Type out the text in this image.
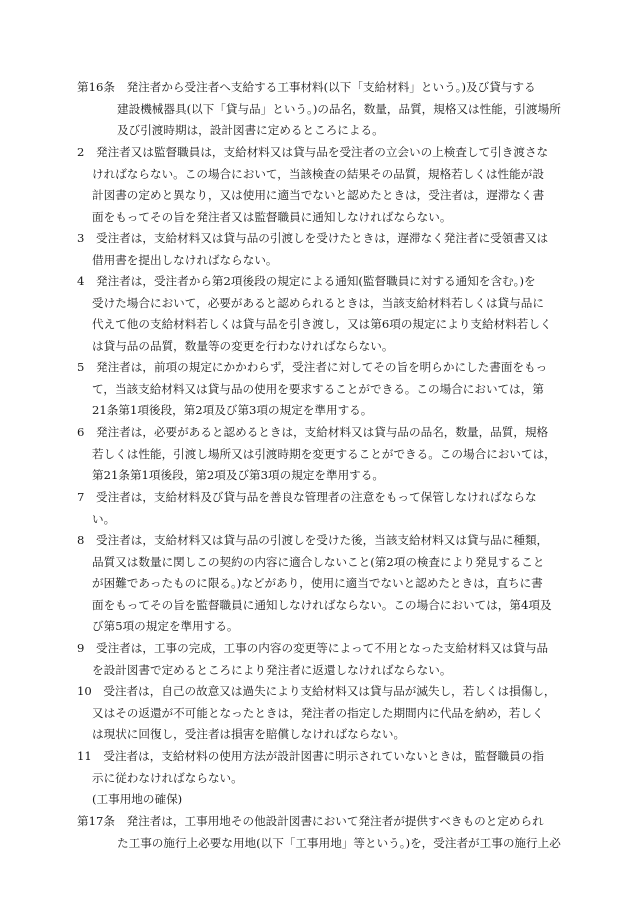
第16条　発注者から受注者へ支給する工事材料(以下「支給材料」という。)及び貸与する
建設機械器具(以下「貸与品」という。)の品名，数量，品質，規格又は性能，引渡場所
及び引渡時期は，設計図書に定めるところによる。
2　発注者又は監督職員は，支給材料又は貸与品を受注者の立会いの上検査して引き渡さな
ければならない。この場合において，当該検査の結果その品質，規格若しくは性能が設
計図書の定めと異なり，又は使用に適当でないと認めたときは，受注者は，遅滞なく書
面をもってその旨を発注者又は監督職員に通知しなければならない。
3　受注者は，支給材料又は貸与品の引渡しを受けたときは，遅滞なく発注者に受領書又は
借用書を提出しなければならない。
4　発注者は，受注者から第2項後段の規定による通知(監督職員に対する通知を含む。)を
受けた場合において，必要があると認められるときは，当該支給材料若しくは貸与品に
代えて他の支給材料若しくは貸与品を引き渡し，又は第6項の規定により支給材料若しく
は貸与品の品質，数量等の変更を行わなければならない。
5　発注者は，前項の規定にかかわらず，受注者に対してその旨を明らかにした書面をもっ
て，当該支給材料又は貸与品の使用を要求することができる。この場合においては，第
21条第1項後段，第2項及び第3項の規定を準用する。
6　発注者は，必要があると認めるときは，支給材料又は貸与品の品名，数量，品質，規格
若しくは性能，引渡し場所又は引渡時期を変更することができる。この場合においては，
第21条第1項後段，第2項及び第3項の規定を準用する。
7　受注者は，支給材料及び貸与品を善良な管理者の注意をもって保管しなければならな
い。
8　受注者は，支給材料又は貸与品の引渡しを受けた後，当該支給材料又は貸与品に種類，
品質又は数量に関しこの契約の内容に適合しないこと(第2項の検査により発見すること
が困難であったものに限る。)などがあり，使用に適当でないと認めたときは，直ちに書
面をもってその旨を監督職員に通知しなければならない。この場合においては，第4項及
び第5項の規定を準用する。
9　受注者は，工事の完成，工事の内容の変更等によって不用となった支給材料又は貸与品
を設計図書で定めるところにより発注者に返還しなければならない。
10　受注者は，自己の故意又は過失により支給材料又は貸与品が滅失し，若しくは損傷し，
又はその返還が不可能となったときは，発注者の指定した期間内に代品を納め，若しく
は現状に回復し，受注者は損害を賠償しなければならない。
11　受注者は，支給材料の使用方法が設計図書に明示されていないときは，監督職員の指
示に従わなければならない。
(工事用地の確保)
第17条　発注者は，工事用地その他設計図書において発注者が提供すべきものと定められ
た工事の施行上必要な用地(以下「工事用地」等という。)を，受注者が工事の施行上必
